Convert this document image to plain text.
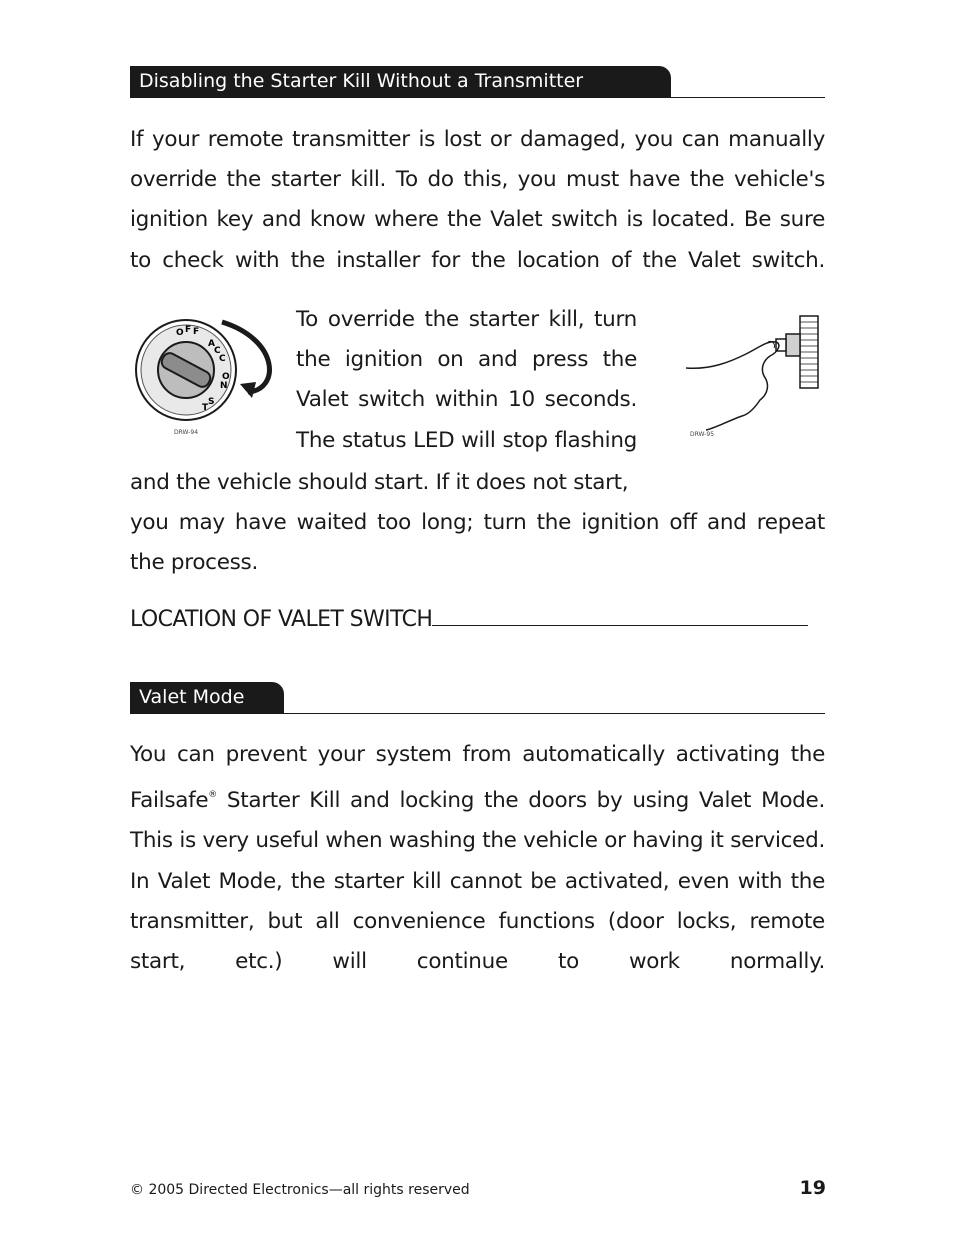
Disabling the Starter Kill Without a Transmitter

If your remote transmitter is lost or damaged, you can manually override the starter kill. To do this, you must have the vehicle's ignition key and know where the Valet switch is located. Be sure to check with the installer for the location of the Valet switch.

O F F
A
C
C
O
N
S
T
DRW-94
To override the starter kill, turn
the ignition on and press the
Valet switch within 10 seconds.
The status LED will stop flashing	DRW-95

and the vehicle should start. If it does not start,

you may have waited too long; turn the ignition off and repeat the process.

LOCATION OF VALET SWITCH
Valet Mode

You can prevent your system from automatically activating the Failsafe® Starter Kill and locking the doors by using Valet Mode. This is very useful when washing the vehicle or having it serviced. In Valet Mode, the starter kill cannot be activated, even with the transmitter, but all convenience functions (door locks, remote start, etc.) will continue to work normally.

© 2005 Directed Electronics—all rights reserved	19
